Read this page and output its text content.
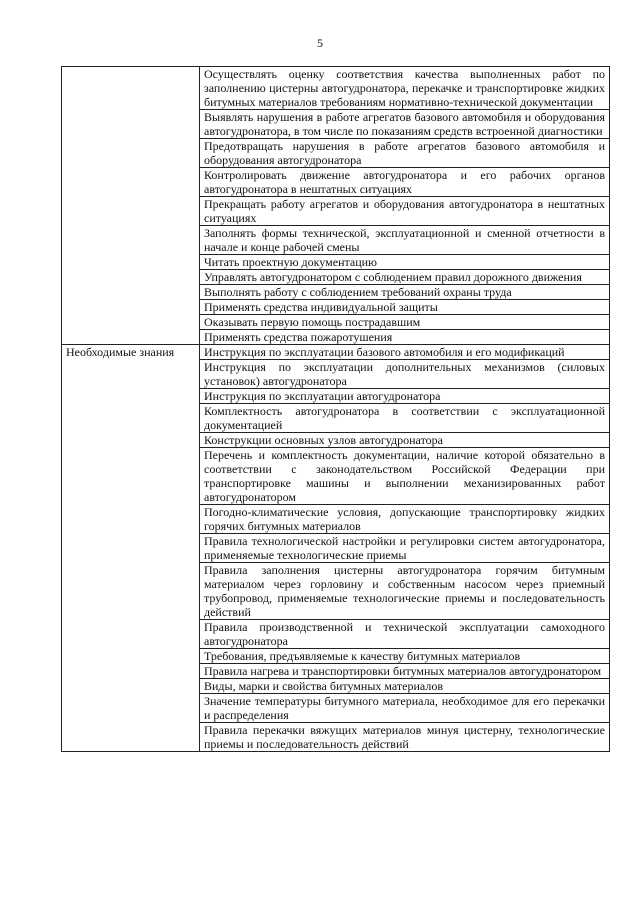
5
	Осуществлять оценку соответствия качества выполненных работ по заполнению цистерны автогудронатора, перекачке и транспортировке жидких битумных материалов требованиям нормативно-технической документации
	Выявлять нарушения в работе агрегатов базового автомобиля и оборудования автогудронатора, в том числе по показаниям средств встроенной диагностики
	Предотвращать нарушения в работе агрегатов базового автомобиля и оборудования автогудронатора
	Контролировать движение автогудронатора и его рабочих органов автогудронатора в нештатных ситуациях
	Прекращать работу агрегатов и оборудования автогудронатора в нештатных ситуациях
	Заполнять формы технической, эксплуатационной и сменной отчетности в начале и конце рабочей смены
	Читать проектную документацию
	Управлять автогудронатором с соблюдением правил дорожного движения
	Выполнять работу с соблюдением требований охраны труда
	Применять средства индивидуальной защиты
	Оказывать первую помощь пострадавшим
	Применять средства пожаротушения
Необходимые знания	Инструкция по эксплуатации базового автомобиля и его модификаций
	Инструкция по эксплуатации дополнительных механизмов (силовых установок) автогудронатора
	Инструкция по эксплуатации автогудронатора
	Комплектность автогудронатора в соответствии с эксплуатационной документацией
	Конструкции основных узлов автогудронатора
	Перечень и комплектность документации, наличие которой обязательно в соответствии с законодательством Российской Федерации при транспортировке машины и выполнении механизированных работ автогудронатором
	Погодно-климатические условия, допускающие транспортировку жидких горячих битумных материалов
	Правила технологической настройки и регулировки систем автогудронатора, применяемые технологические приемы
	Правила заполнения цистерны автогудронатора горячим битумным материалом через горловину и собственным насосом через приемный трубопровод, применяемые технологические приемы и последовательность действий
	Правила производственной и технической эксплуатации самоходного автогудронатора
	Требования, предъявляемые к качеству битумных материалов
	Правила нагрева и транспортировки битумных материалов автогудронатором
	Виды, марки и свойства битумных материалов
	Значение температуры битумного материала, необходимое для его перекачки и распределения
	Правила перекачки вяжущих материалов минуя цистерну, технологические приемы и последовательность действий
